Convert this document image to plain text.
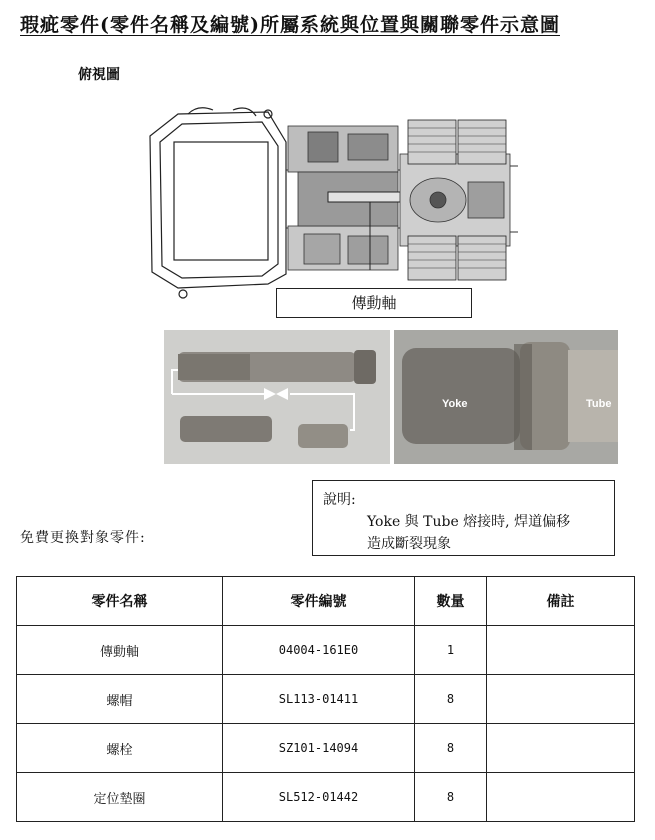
瑕疵零件(零件名稱及編號)所屬系統與位置與關聯零件示意圖
俯視圖
傳動軸
Yoke	Tube
說明:
Yoke 與 Tube 熔接時, 焊道偏移
造成斷裂現象
免費更換對象零件:
零件名稱	零件編號	數量	備註
傳動軸	04004-161E0	1	
螺帽	SL113-01411	8	
螺栓	SZ101-14094	8	
定位墊圈	SL512-01442	8	
